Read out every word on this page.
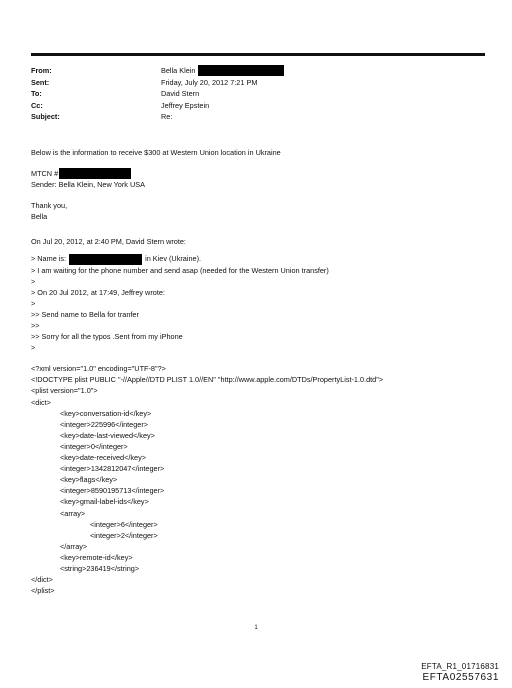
From:	Bella Klein
Sent:	Friday, July 20, 2012 7:21 PM
To:	David Stern
Cc:	Jeffrey Epstein
Subject:	Re:
Below is the information to receive $300 at Western Union location in Ukraine
MTCN #
Sender: Bella Klein, New York USA
Thank you,
Bella
On Jul 20, 2012, at 2:40 PM, David Stern wrote:
> Name is:	in Kiev (Ukraine).
> I am waiting for the phone number and send asap (needed for the Western Union transfer)
>
> On 20 Jul 2012, at 17:49, Jeffrey wrote:
>
>> Send name to Bella for tranfer
>>
>> Sorry for all the typos .Sent from my iPhone
>
<?xml version="1.0" encoding="UTF-8"?>
<!DOCTYPE plist PUBLIC "-//Apple//DTD PLIST 1.0//EN" "http://www.apple.com/DTDs/PropertyList-1.0.dtd">
<plist version="1.0">
<dict>
<key>conversation-id</key>
<integer>225996</integer>
<key>date-last-viewed</key>
<integer>0</integer>
<key>date-received</key>
<integer>1342812047</integer>
<key>flags</key>
<integer>8590195713</integer>
<key>gmail-label-ids</key>
<array>
<integer>6</integer>
<integer>2</integer>
</array>
<key>remote-id</key>
<string>236419</string>
</dict>
</plist>
1
EFTA_R1_01716831
EFTA02557631
